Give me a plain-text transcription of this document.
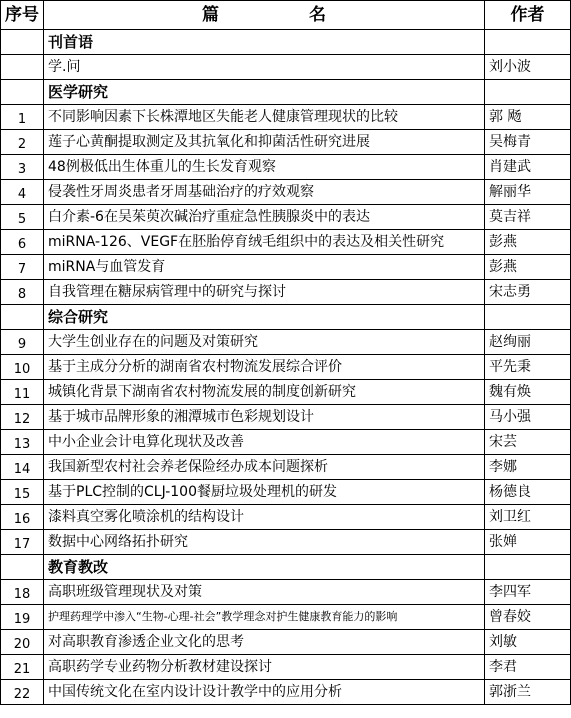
序号	篇 名	作者
	刊首语	
	学.问	刘小波
	医学研究	
1	不同影响因素下长株潭地区失能老人健康管理现状的比较	郭 飏
2	莲子心黄酮提取测定及其抗氧化和抑菌活性研究进展	吴梅青
3	48例极低出生体重儿的生长发育观察	肖建武
4	侵袭性牙周炎患者牙周基础治疗的疗效观察	解丽华
5	白介素-6在吴茱萸次碱治疗重症急性胰腺炎中的表达	莫吉祥
6	miRNA-126、VEGF在胚胎停育绒毛组织中的表达及相关性研究	彭燕
7	miRNA与血管发育	彭燕
8	自我管理在糖尿病管理中的研究与探讨	宋志勇
	综合研究	
9	大学生创业存在的问题及对策研究	赵绚丽
10	基于主成分分析的湖南省农村物流发展综合评价	平先秉
11	城镇化背景下湖南省农村物流发展的制度创新研究	魏有焕
12	基于城市品牌形象的湘潭城市色彩规划设计	马小强
13	中小企业会计电算化现状及改善	宋芸
14	我国新型农村社会养老保险经办成本问题探析	李娜
15	基于PLC控制的CLJ-100餐厨垃圾处理机的研发	杨德良
16	漆料真空雾化喷涂机的结构设计	刘卫红
17	数据中心网络拓扑研究	张婵
	教育教改	
18	高职班级管理现状及对策	李四军
19	护理药理学中渗入“生物-心理-社会”教学理念对护生健康教育能力的影响	曾春姣
20	对高职教育渗透企业文化的思考	刘敏
21	高职药学专业药物分析教材建设探讨	李君
22	中国传统文化在室内设计设计教学中的应用分析	郭浙兰
